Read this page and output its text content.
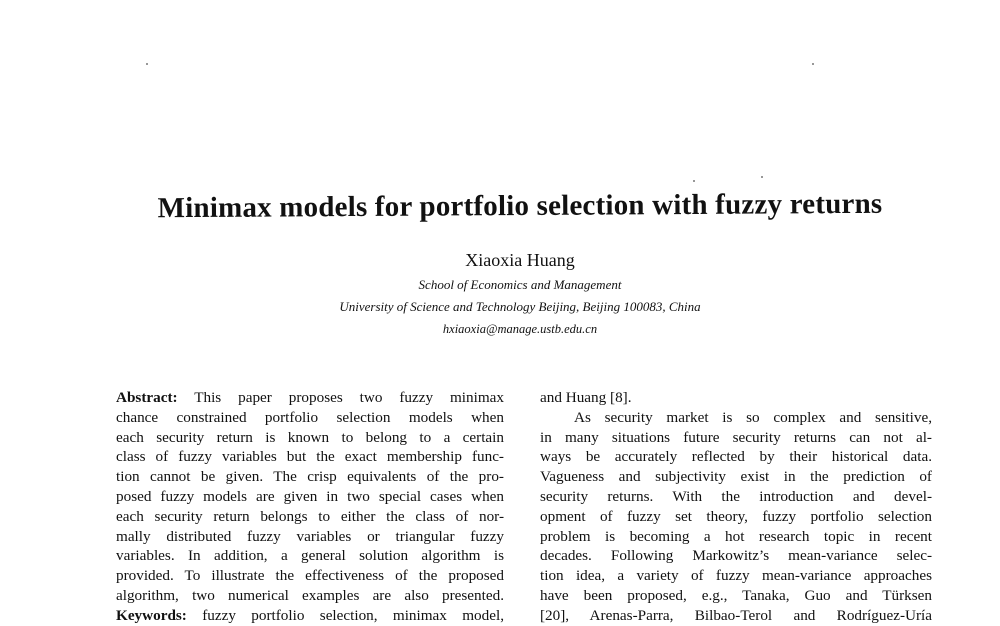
Minimax models for portfolio selection with fuzzy returns
Xiaoxia Huang
School of Economics and Management
University of Science and Technology Beijing, Beijing 100083, China
hxiaoxia@manage.ustb.edu.cn
Abstract: This paper proposes two fuzzy minimax
chance constrained portfolio selection models when
each security return is known to belong to a certain
class of fuzzy variables but the exact membership func-
tion cannot be given. The crisp equivalents of the pro-
posed fuzzy models are given in two special cases when
each security return belongs to either the class of nor-
mally distributed fuzzy variables or triangular fuzzy
variables. In addition, a general solution algorithm is
provided. To illustrate the effectiveness of the proposed
algorithm, two numerical examples are also presented.
Keywords: fuzzy portfolio selection, minimax model,
and Huang [8].
As security market is so complex and sensitive,
in many situations future security returns can not al-
ways be accurately reflected by their historical data.
Vagueness and subjectivity exist in the prediction of
security returns. With the introduction and devel-
opment of fuzzy set theory, fuzzy portfolio selection
problem is becoming a hot research topic in recent
decades. Following Markowitz’s mean-variance selec-
tion idea, a variety of fuzzy mean-variance approaches
have been proposed, e.g., Tanaka, Guo and Türksen
[20], Arenas-Parra, Bilbao-Terol and Rodríguez-Uría
